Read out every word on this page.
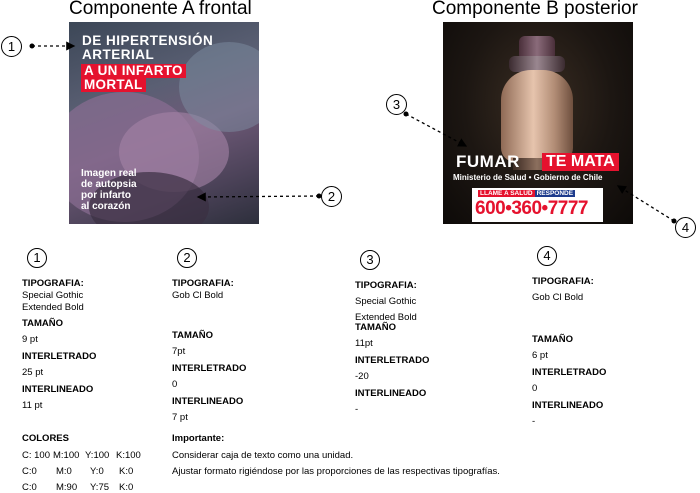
Componente A frontal	Componente B posterior
DE HIPERTENSIÓN
ARTERIAL
A UN INFARTO
MORTAL
Imagen real
de autopsia
por infarto
al corazón
FUMAR TE MATA
Ministerio de Salud • Gobierno de Chile
LLAME A SALUD RESPONDE
600•360•7777
1
2
3
4
1
TIPOGRAFIA:
Special Gothic
Extended Bold
TAMAÑO
9 pt
INTERLETRADO
25 pt
INTERLINEADO
11 pt
2
TIPOGRAFIA:
Gob Cl Bold
TAMAÑO
7pt
INTERLETRADO
0
INTERLINEADO
7 pt
3
TIPOGRAFIA:
Special Gothic
Extended Bold
TAMAÑO
11pt
INTERLETRADO
-20
INTERLINEADO
-
4
TIPOGRAFIA:
Gob Cl Bold
TAMAÑO
6 pt
INTERLETRADO
0
INTERLINEADO
-
COLORES
C: 100 M:100 Y:100 K:100
C:0 M:0 Y:0 K:0
C:0 M:90 Y:75 K:0
Importante:
Considerar caja de texto como una unidad.
Ajustar formato rigiéndose por las proporciones de las respectivas tipografías.
